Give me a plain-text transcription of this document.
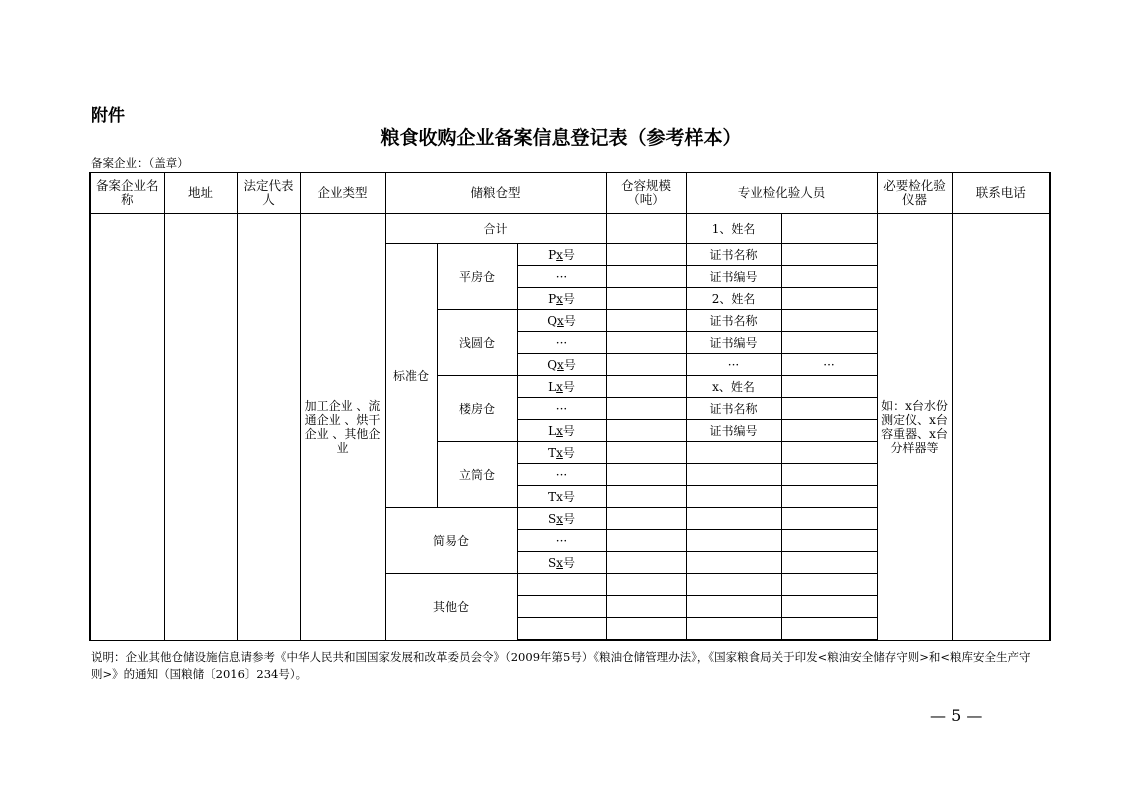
附件
粮食收购企业备案信息登记表（参考样本）
备案企业：（盖章）
备案企业名称	地址	法定代表人	企业类型	储粮仓型			仓容规模（吨）	专业检化验人员		必要检化验仪器	联系电话

			加工企业 、流通企业 、烘干企业 、其他企业	合计				1、姓名		如：x台水份测定仪、x台容重器、x台分样器等	

				标准仓	平房仓	Px号		证书名称			
						···		证书编号			
						Px号		2、姓名			
					浅圆仓	Qx号		证书名称			
						···		证书编号			
						Qx号		···	···		
					楼房仓	Lx号		x、姓名			
						···		证书名称			
						Lx号		证书编号			
					立筒仓	Tx号					
						···					
						Tx号					
				简易仓		Sx号					
						···					
						Sx号					
				其他仓							

说明：企业其他仓储设施信息请参考《中华人民共和国国家发展和改革委员会令》（2009年第5号）《粮油仓储管理办法》，《国家粮食局关于印发<粮油安全储存守则>和<粮库安全生产守则>》的通知（国粮储〔2016〕234号）。
— 5 —
